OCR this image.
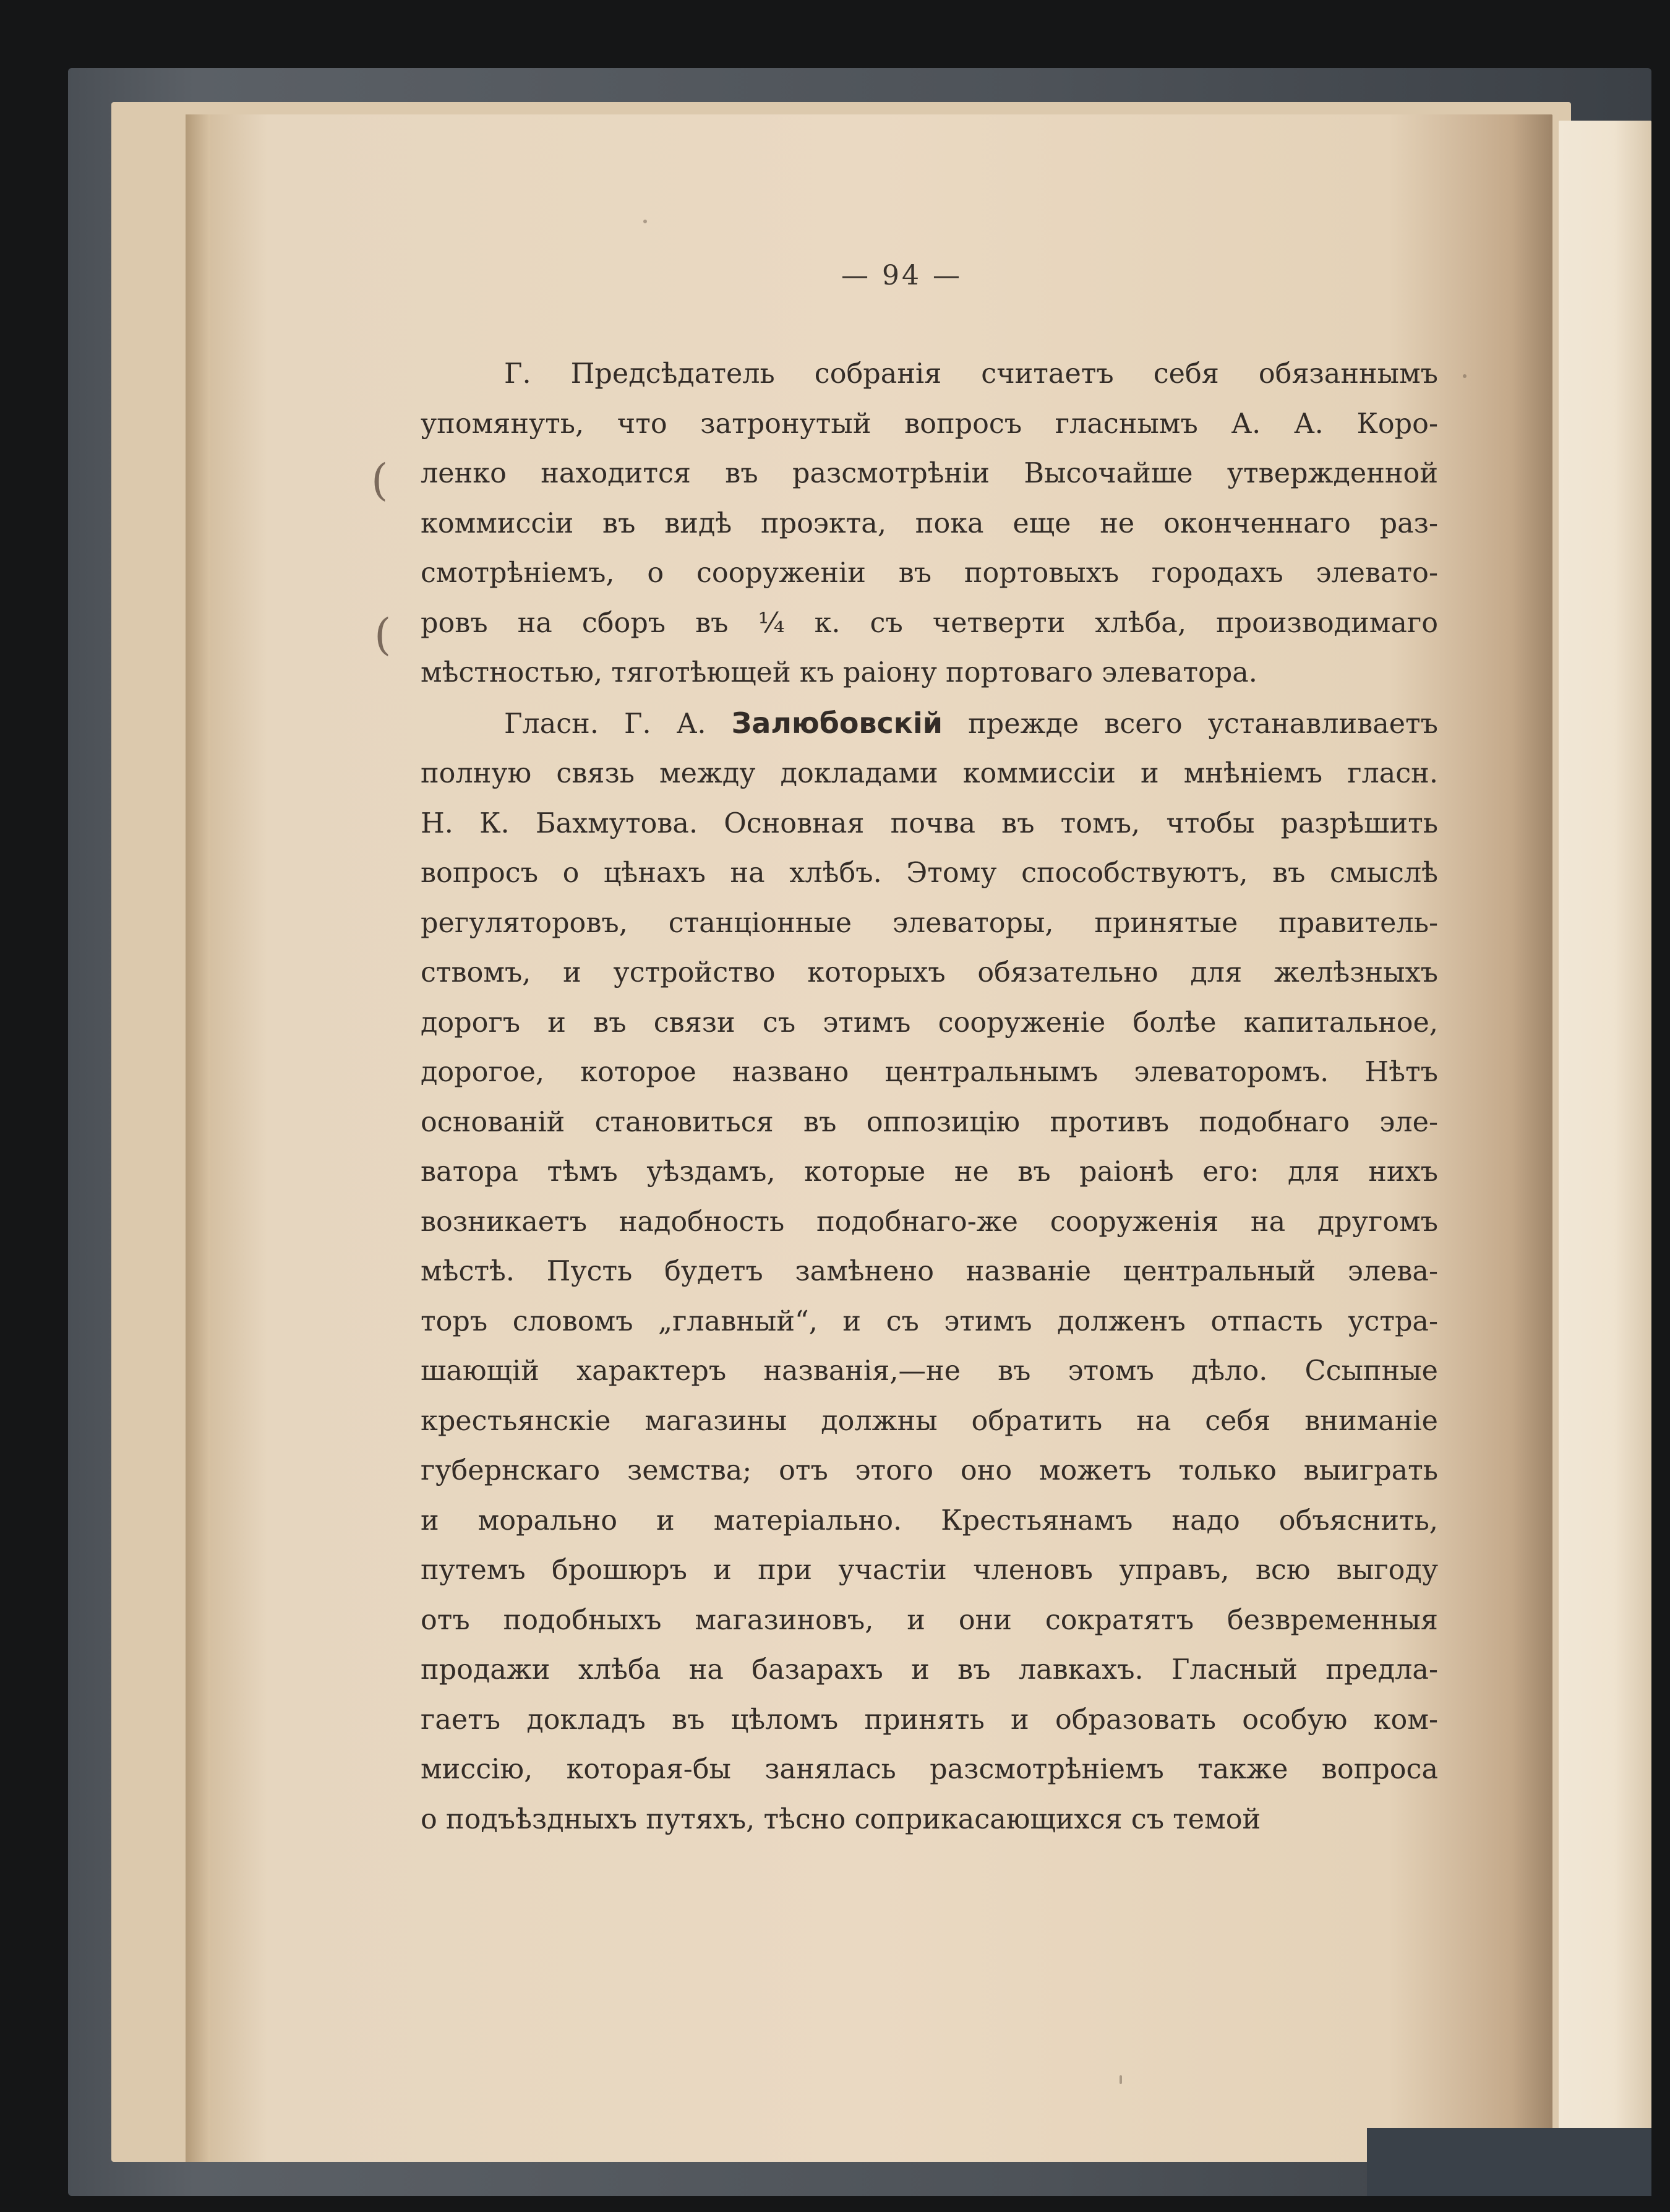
— 94 —
(
(
Г. Предсѣдатель собранія считаетъ себя обязаннымъ
упомянуть, что затронутый вопросъ гласнымъ А. А. Коро-
ленко находится въ разсмотрѣніи Высочайше утвержденной
коммиссіи въ видѣ проэкта, пока еще не оконченнаго раз-
смотрѣніемъ, о сооруженіи въ портовыхъ городахъ элевато-
ровъ на сборъ въ ¼ к. съ четверти хлѣба, производимаго
мѣстностью, тяготѣющей къ раіону портоваго элеватора.
Гласн. Г. А. Залюбовскій прежде всего устанавливаетъ
полную связь между докладами коммиссіи и мнѣніемъ гласн.
Н. К. Бахмутова. Основная почва въ томъ, чтобы разрѣшить
вопросъ о цѣнахъ на хлѣбъ. Этому способствуютъ, въ смыслѣ
регуляторовъ, станціонные элеваторы, принятые правитель-
ствомъ, и устройство которыхъ обязательно для желѣзныхъ
дорогъ и въ связи съ этимъ сооруженіе болѣе капитальное,
дорогое, которое названо центральнымъ элеваторомъ. Нѣтъ
основаній становиться въ оппозицію противъ подобнаго эле-
ватора тѣмъ уѣздамъ, которые не въ раіонѣ его: для нихъ
возникаетъ надобность подобнаго-же сооруженія на другомъ
мѣстѣ. Пусть будетъ замѣнено названіе центральный элева-
торъ словомъ „главный“, и съ этимъ долженъ отпасть устра-
шающій характеръ названія,—не въ этомъ дѣло. Ссыпные
крестьянскіе магазины должны обратить на себя вниманіе
губернскаго земства; отъ этого оно можетъ только выиграть
и морально и матеріально. Крестьянамъ надо объяснить,
путемъ брошюръ и при участіи членовъ управъ, всю выгоду
отъ подобныхъ магазиновъ, и они сократятъ безвременныя
продажи хлѣба на базарахъ и въ лавкахъ. Гласный предла-
гаетъ докладъ въ цѣломъ принять и образовать особую ком-
миссію, которая-бы занялась разсмотрѣніемъ также вопроса
о подъѣздныхъ путяхъ, тѣсно соприкасающихся съ темой
